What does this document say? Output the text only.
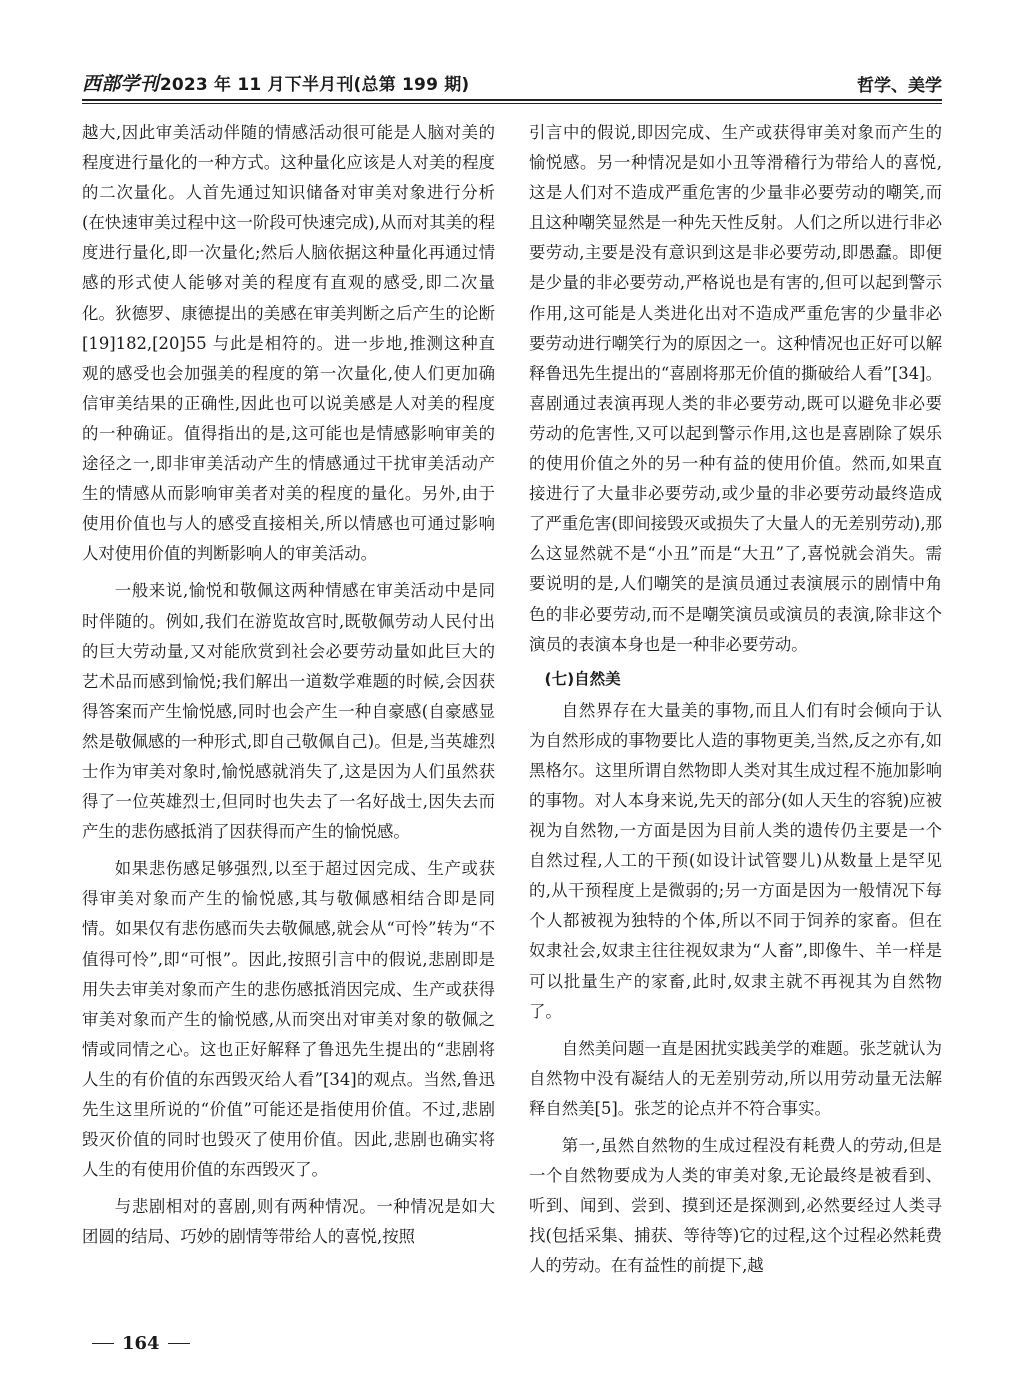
西部学刊2023 年 11 月下半月刊(总第 199 期)	哲学、美学

越大,因此审美活动伴随的情感活动很可能是人脑对美的程度进行量化的一种方式。这种量化应该是人对美的程度的二次量化。人首先通过知识储备对审美对象进行分析(在快速审美过程中这一阶段可快速完成),从而对其美的程度进行量化,即一次量化;然后人脑依据这种量化再通过情感的形式使人能够对美的程度有直观的感受,即二次量化。狄德罗、康德提出的美感在审美判断之后产生的论断[19]182,[20]55 与此是相符的。进一步地,推测这种直观的感受也会加强美的程度的第一次量化,使人们更加确信审美结果的正确性,因此也可以说美感是人对美的程度的一种确证。值得指出的是,这可能也是情感影响审美的途径之一,即非审美活动产生的情感通过干扰审美活动产生的情感从而影响审美者对美的程度的量化。另外,由于使用价值也与人的感受直接相关,所以情感也可通过影响人对使用价值的判断影响人的审美活动。

一般来说,愉悦和敬佩这两种情感在审美活动中是同时伴随的。例如,我们在游览故宫时,既敬佩劳动人民付出的巨大劳动量,又对能欣赏到社会必要劳动量如此巨大的艺术品而感到愉悦;我们解出一道数学难题的时候,会因获得答案而产生愉悦感,同时也会产生一种自豪感(自豪感显然是敬佩感的一种形式,即自己敬佩自己)。但是,当英雄烈士作为审美对象时,愉悦感就消失了,这是因为人们虽然获得了一位英雄烈士,但同时也失去了一名好战士,因失去而产生的悲伤感抵消了因获得而产生的愉悦感。

如果悲伤感足够强烈,以至于超过因完成、生产或获得审美对象而产生的愉悦感,其与敬佩感相结合即是同情。如果仅有悲伤感而失去敬佩感,就会从“可怜”转为“不值得可怜”,即“可恨”。因此,按照引言中的假说,悲剧即是用失去审美对象而产生的悲伤感抵消因完成、生产或获得审美对象而产生的愉悦感,从而突出对审美对象的敬佩之情或同情之心。这也正好解释了鲁迅先生提出的“悲剧将人生的有价值的东西毁灭给人看”[34]的观点。当然,鲁迅先生这里所说的“价值”可能还是指使用价值。不过,悲剧毁灭价值的同时也毁灭了使用价值。因此,悲剧也确实将人生的有使用价值的东西毁灭了。

与悲剧相对的喜剧,则有两种情况。一种情况是如大团圆的结局、巧妙的剧情等带给人的喜悦,按照

引言中的假说,即因完成、生产或获得审美对象而产生的愉悦感。另一种情况是如小丑等滑稽行为带给人的喜悦,这是人们对不造成严重危害的少量非必要劳动的嘲笑,而且这种嘲笑显然是一种先天性反射。人们之所以进行非必要劳动,主要是没有意识到这是非必要劳动,即愚蠢。即便是少量的非必要劳动,严格说也是有害的,但可以起到警示作用,这可能是人类进化出对不造成严重危害的少量非必要劳动进行嘲笑行为的原因之一。这种情况也正好可以解释鲁迅先生提出的“喜剧将那无价值的撕破给人看”[34]。喜剧通过表演再现人类的非必要劳动,既可以避免非必要劳动的危害性,又可以起到警示作用,这也是喜剧除了娱乐的使用价值之外的另一种有益的使用价值。然而,如果直接进行了大量非必要劳动,或少量的非必要劳动最终造成了严重危害(即间接毁灭或损失了大量人的无差别劳动),那么这显然就不是“小丑”而是“大丑”了,喜悦就会消失。需要说明的是,人们嘲笑的是演员通过表演展示的剧情中角色的非必要劳动,而不是嘲笑演员或演员的表演,除非这个演员的表演本身也是一种非必要劳动。

(七)自然美

自然界存在大量美的事物,而且人们有时会倾向于认为自然形成的事物要比人造的事物更美,当然,反之亦有,如黑格尔。这里所谓自然物即人类对其生成过程不施加影响的事物。对人本身来说,先天的部分(如人天生的容貌)应被视为自然物,一方面是因为目前人类的遗传仍主要是一个自然过程,人工的干预(如设计试管婴儿)从数量上是罕见的,从干预程度上是微弱的;另一方面是因为一般情况下每个人都被视为独特的个体,所以不同于饲养的家畜。但在奴隶社会,奴隶主往往视奴隶为“人畜”,即像牛、羊一样是可以批量生产的家畜,此时,奴隶主就不再视其为自然物了。

自然美问题一直是困扰实践美学的难题。张芝就认为自然物中没有凝结人的无差别劳动,所以用劳动量无法解释自然美[5]。张芝的论点并不符合事实。

第一,虽然自然物的生成过程没有耗费人的劳动,但是一个自然物要成为人类的审美对象,无论最终是被看到、听到、闻到、尝到、摸到还是探测到,必然要经过人类寻找(包括采集、捕获、等待等)它的过程,这个过程必然耗费人的劳动。在有益性的前提下,越

164
